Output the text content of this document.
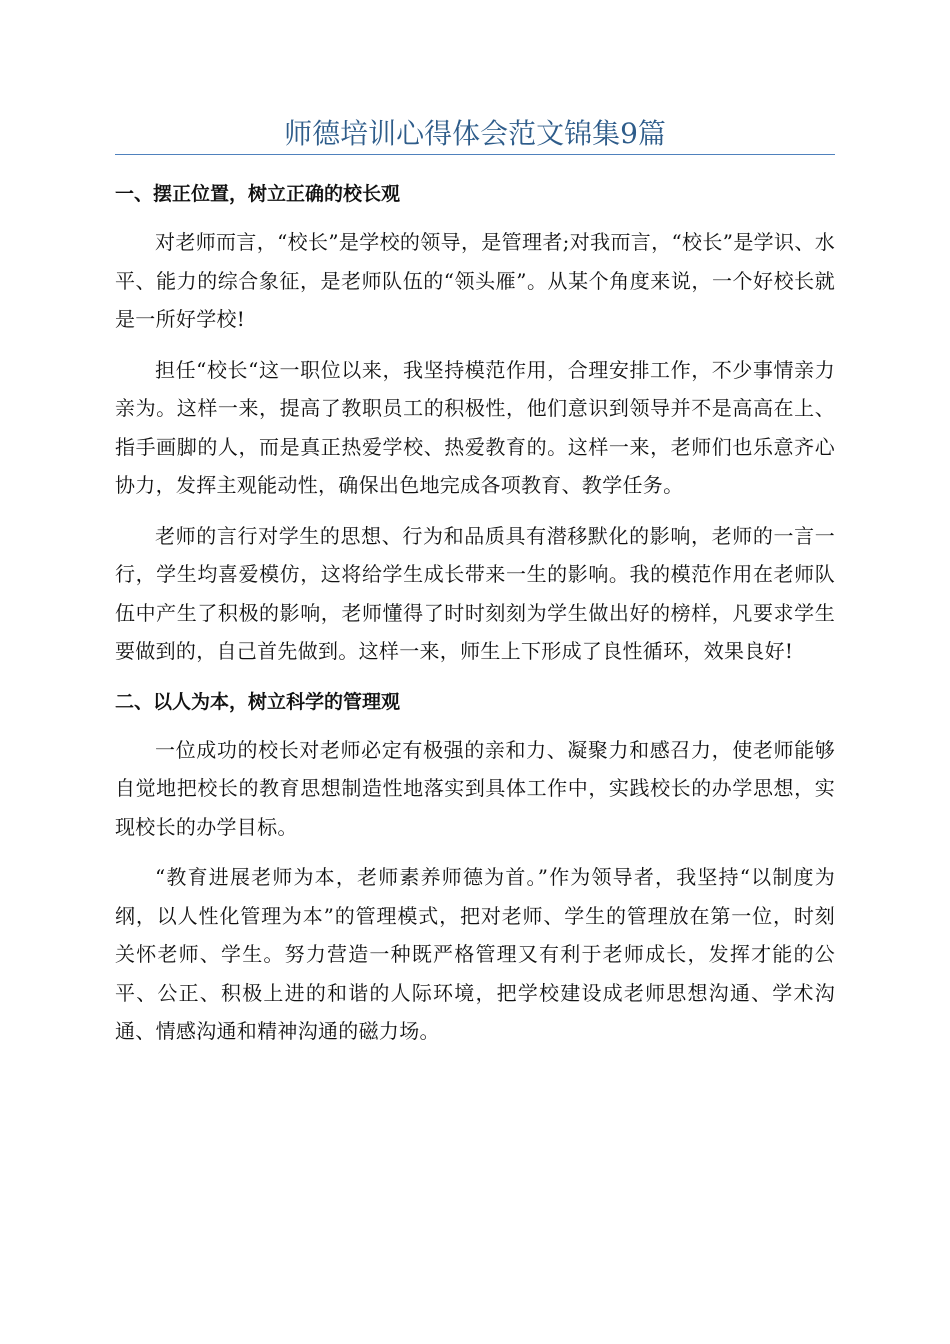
师德培训心得体会范文锦集9篇
一、摆正位置，树立正确的校长观

对老师而言，“校长”是学校的领导，是管理者;对我而言，“校长”是学识、水平、能力的综合象征，是老师队伍的“领头雁”。从某个角度来说，一个好校长就是一所好学校!

担任“校长“这一职位以来，我坚持模范作用，合理安排工作，不少事情亲力亲为。这样一来，提高了教职员工的积极性，他们意识到领导并不是高高在上、指手画脚的人，而是真正热爱学校、热爱教育的。这样一来，老师们也乐意齐心协力，发挥主观能动性，确保出色地完成各项教育、教学任务。

老师的言行对学生的思想、行为和品质具有潜移默化的影响，老师的一言一行，学生均喜爱模仿，这将给学生成长带来一生的影响。我的模范作用在老师队伍中产生了积极的影响，老师懂得了时时刻刻为学生做出好的榜样，凡要求学生要做到的，自己首先做到。这样一来，师生上下形成了良性循环，效果良好!

二、以人为本，树立科学的管理观

一位成功的校长对老师必定有极强的亲和力、凝聚力和感召力，使老师能够自觉地把校长的教育思想制造性地落实到具体工作中，实践校长的办学思想，实现校长的办学目标。

“教育进展老师为本，老师素养师德为首。”作为领导者，我坚持“以制度为纲，以人性化管理为本”的管理模式，把对老师、学生的管理放在第一位，时刻关怀老师、学生。努力营造一种既严格管理又有利于老师成长，发挥才能的公平、公正、积极上进的和谐的人际环境，把学校建设成老师思想沟通、学术沟通、情感沟通和精神沟通的磁力场。
